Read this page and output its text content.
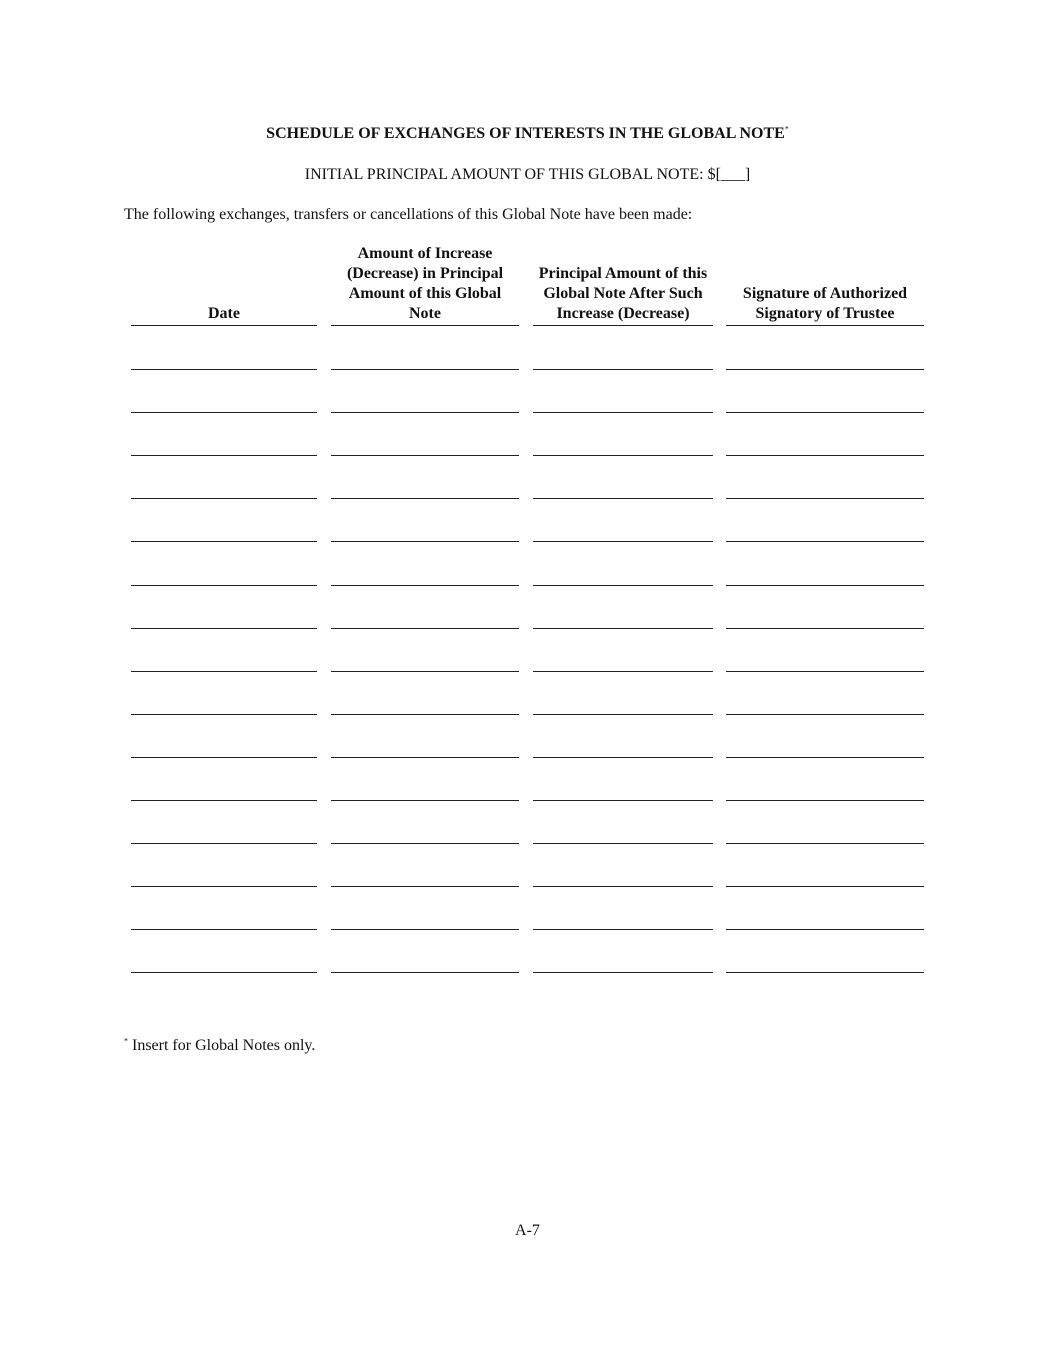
SCHEDULE OF EXCHANGES OF INTERESTS IN THE GLOBAL NOTE*
INITIAL PRINCIPAL AMOUNT OF THIS GLOBAL NOTE: $[___]
The following exchanges, transfers or cancellations of this Global Note have been made:
Date
Amount of Increase (Decrease) in Principal Amount of this Global Note
Principal Amount of this Global Note After Such Increase (Decrease)
Signature of Authorized Signatory of Trustee
* Insert for Global Notes only.
A-7
